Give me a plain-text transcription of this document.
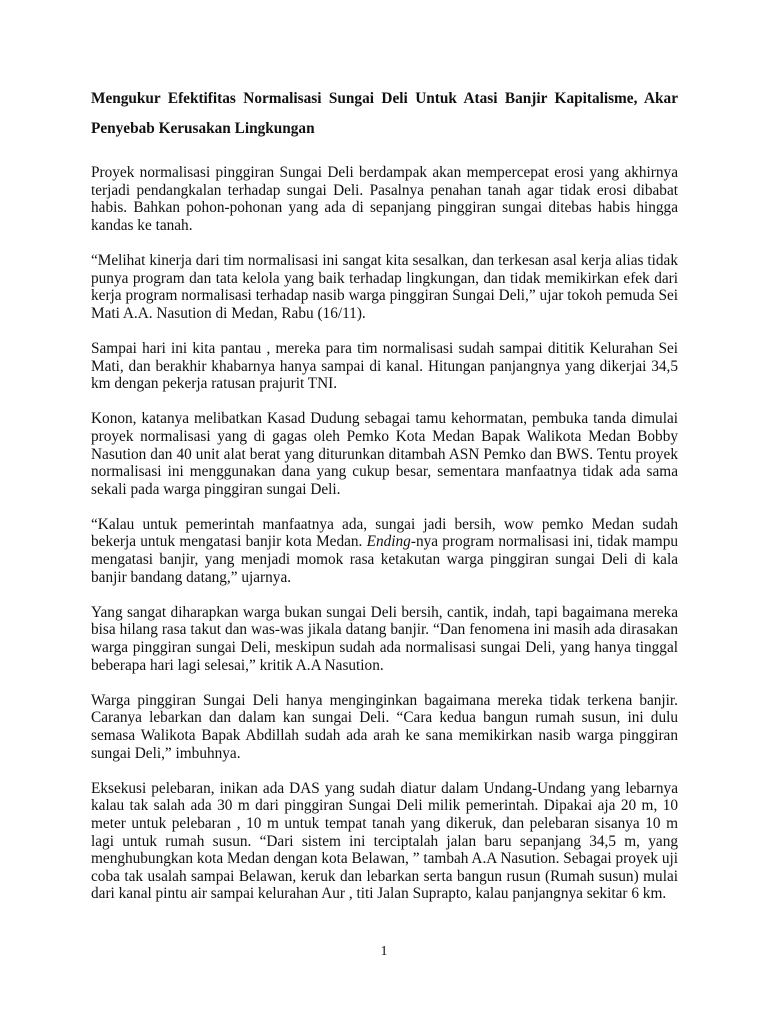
Mengukur Efektifitas Normalisasi Sungai Deli Untuk Atasi Banjir Kapitalisme, Akar Penyebab Kerusakan Lingkungan
Proyek normalisasi pinggiran Sungai Deli berdampak akan mempercepat erosi yang akhirnya terjadi pendangkalan terhadap sungai Deli. Pasalnya penahan tanah agar tidak erosi dibabat habis. Bahkan pohon-pohonan yang ada di sepanjang pinggiran sungai ditebas habis hingga kandas ke tanah.
“Melihat kinerja dari tim normalisasi ini sangat kita sesalkan, dan terkesan asal kerja alias tidak punya program dan tata kelola yang baik terhadap lingkungan, dan tidak memikirkan efek dari kerja program normalisasi terhadap nasib warga pinggiran Sungai Deli,” ujar tokoh pemuda Sei Mati A.A. Nasution di Medan, Rabu (16/11).
Sampai hari ini kita pantau , mereka para tim normalisasi sudah sampai dititik Kelurahan Sei Mati, dan berakhir khabarnya hanya sampai di kanal. Hitungan panjangnya yang dikerjai 34,5 km dengan pekerja ratusan prajurit TNI.
Konon, katanya melibatkan Kasad Dudung sebagai tamu kehormatan, pembuka tanda dimulai proyek normalisasi yang di gagas oleh Pemko Kota Medan Bapak Walikota Medan Bobby Nasution dan 40 unit alat berat yang diturunkan ditambah ASN Pemko dan BWS. Tentu proyek normalisasi ini menggunakan dana yang cukup besar, sementara manfaatnya tidak ada sama sekali pada warga pinggiran sungai Deli.
“Kalau untuk pemerintah manfaatnya ada, sungai jadi bersih, wow pemko Medan sudah bekerja untuk mengatasi banjir kota Medan. Ending-nya program normalisasi ini, tidak mampu mengatasi banjir, yang menjadi momok rasa ketakutan warga pinggiran sungai Deli di kala banjir bandang datang,” ujarnya.
Yang sangat diharapkan warga bukan sungai Deli bersih, cantik, indah, tapi bagaimana mereka bisa hilang rasa takut dan was-was jikala datang banjir. “Dan fenomena ini masih ada dirasakan warga pinggiran sungai Deli, meskipun sudah ada normalisasi sungai Deli, yang hanya tinggal beberapa hari lagi selesai,” kritik A.A Nasution.
Warga pinggiran Sungai Deli hanya menginginkan bagaimana mereka tidak terkena banjir. Caranya lebarkan dan dalam kan sungai Deli. “Cara kedua bangun rumah susun, ini dulu semasa Walikota Bapak Abdillah sudah ada arah ke sana memikirkan nasib warga pinggiran sungai Deli,” imbuhnya.
Eksekusi pelebaran, inikan ada DAS yang sudah diatur dalam Undang-Undang yang lebarnya kalau tak salah ada 30 m dari pinggiran Sungai Deli milik pemerintah. Dipakai aja 20 m, 10 meter untuk pelebaran , 10 m untuk tempat tanah yang dikeruk, dan pelebaran sisanya 10 m lagi untuk rumah susun. “Dari sistem ini terciptalah jalan baru sepanjang 34,5 m, yang menghubungkan kota Medan dengan kota Belawan, ” tambah A.A Nasution. Sebagai proyek uji coba tak usalah sampai Belawan, keruk dan lebarkan serta bangun rusun (Rumah susun) mulai dari kanal pintu air sampai kelurahan Aur , titi Jalan Suprapto, kalau panjangnya sekitar 6 km.
1
